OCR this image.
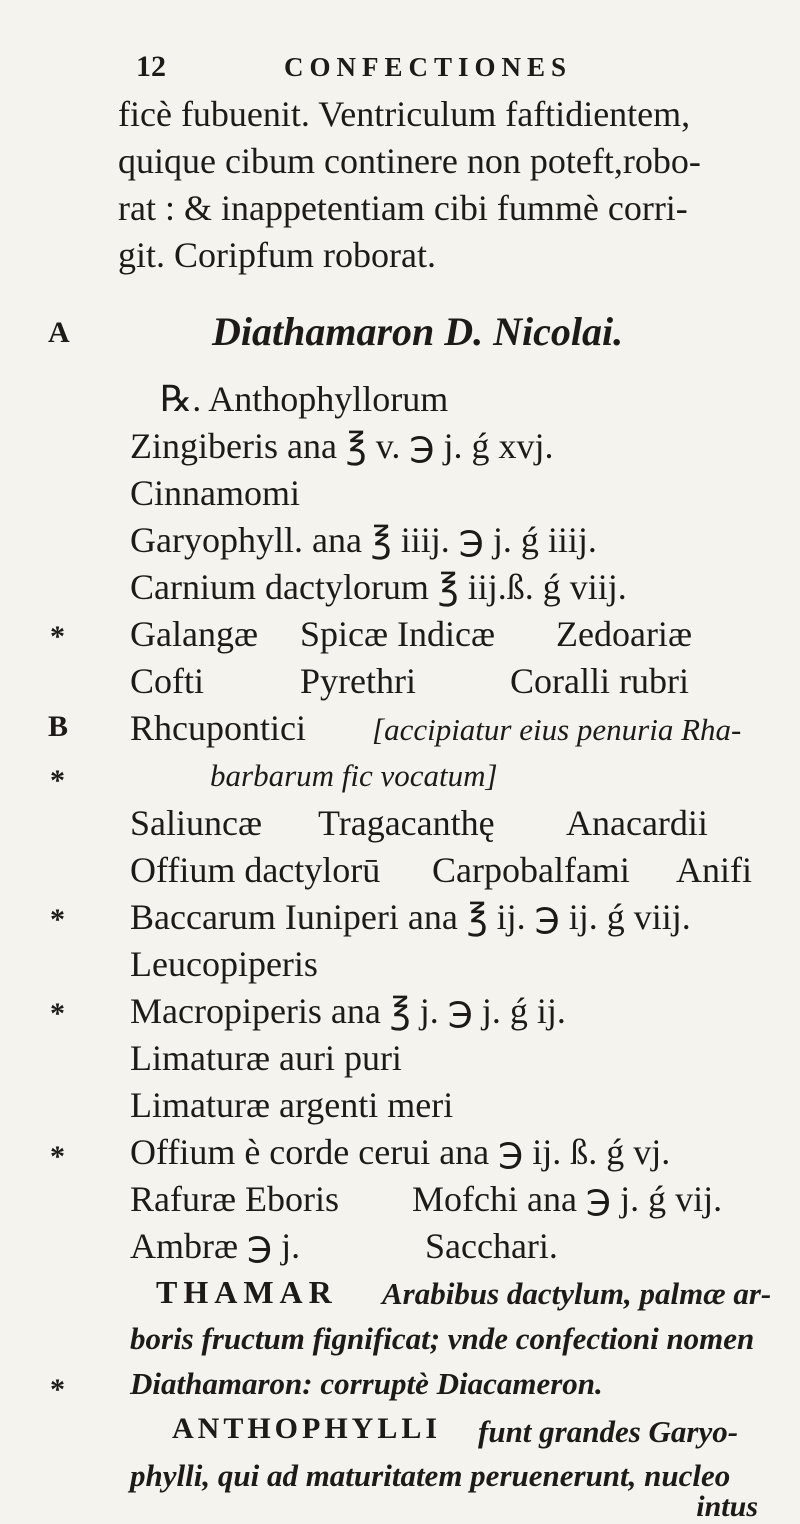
12	CONFECTIONES
ficè fubuenit. Ventriculum faftidientem,
quique cibum continere non poteft,robo-
rat : & inappetentiam cibi fummè corri-
git. Coripfum roborat.
A	Diathamaron D. Nicolai.
℞. Anthophyllorum
Zingiberis ana ℥ v. ℈ j. ǵ xvj.
Cinnamomi
Garyophyll. ana ℥ iiij. ℈ j. ǵ iiij.
Carnium dactylorum ℥ iij.ß. ǵ viij.
* Galangæ Spicæ Indicæ Zedoariæ
Cofti	Pyrethri	Coralli rubri
B Rhcupontici [accipiatur eius penuria Rha-
*	barbarum fic vocatum]
Saliuncæ Tragacanthę Anacardii
Offium dactylorū Carpobalfami Anifi
* Baccarum Iuniperi ana ℥ ij. ℈ ij. ǵ viij.
Leucopiperis
* Macropiperis ana ℥ j. ℈ j. ǵ ij.
Limaturæ auri puri
Limaturæ argenti meri
* Offium è corde cerui ana ℈ ij. ß. ǵ vj.
Rafuræ Eboris Mofchi ana ℈ j. ǵ vij.
Ambræ ℈ j.	Sacchari.
THAMAR Arabibus dactylum, palmæ ar-
boris fructum fignificat; vnde confectioni nomen
* Diathamaron: corruptè Diacameron.
ANTHOPHYLLI funt grandes Garyo-
phylli, qui ad maturitatem peruenerunt, nucleo
intus
